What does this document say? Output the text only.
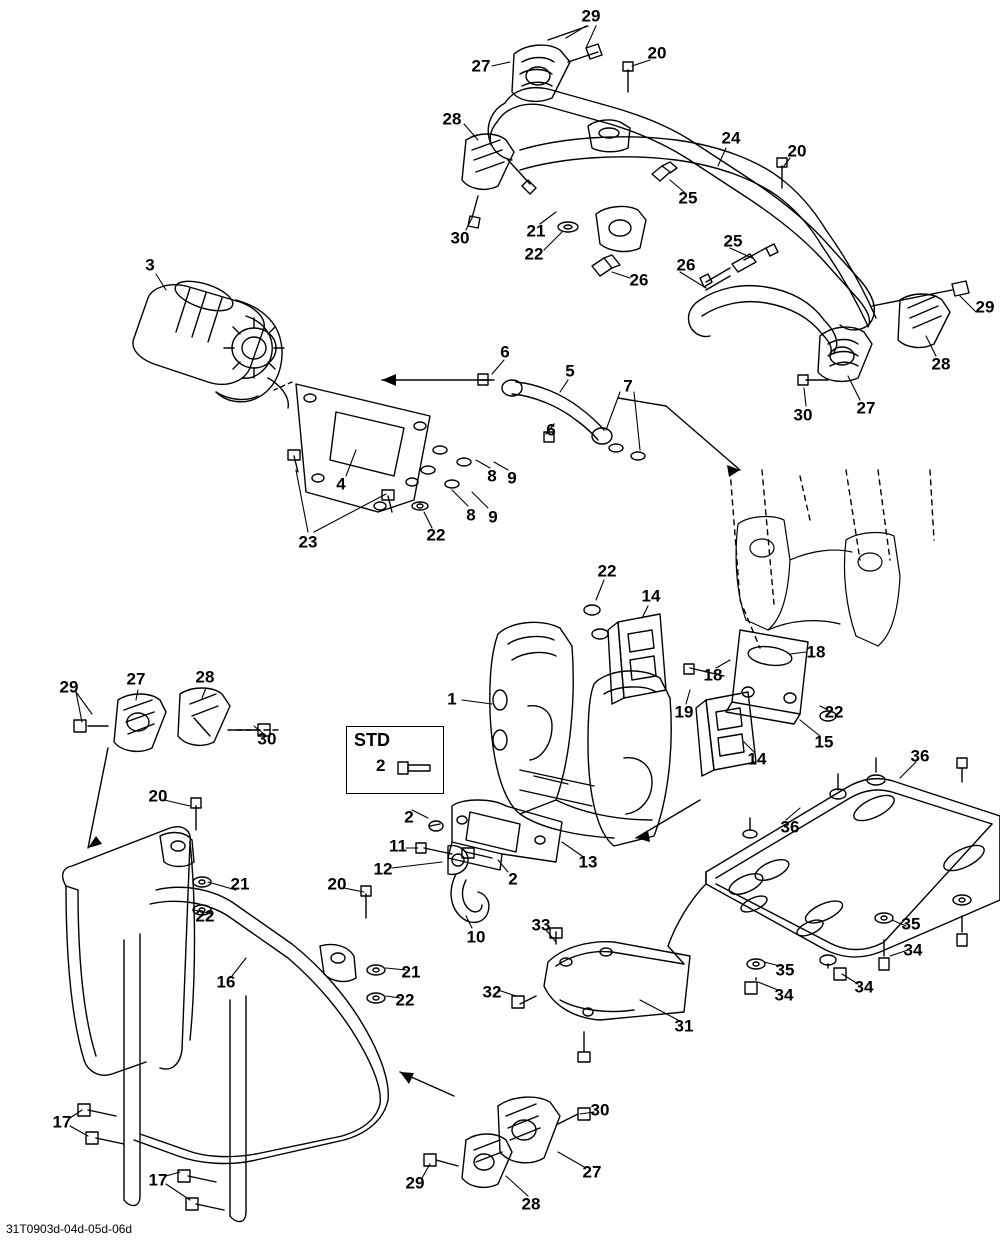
STD
2
29
27
20
28
24
20
25
30	21
22
25
26
26
29
28
3
27
30
6
5
7
6
4	8 9
8 9
22
23
22
14
18
18
1
19	22
15
14
29	27	28
30
36
2
36
20
13
2
11
12
21
22
20
35
34
10
33
35
34	34
16
21
22	32
31
17
17
30
27
29
28
31T0903d-04d-05d-06d
